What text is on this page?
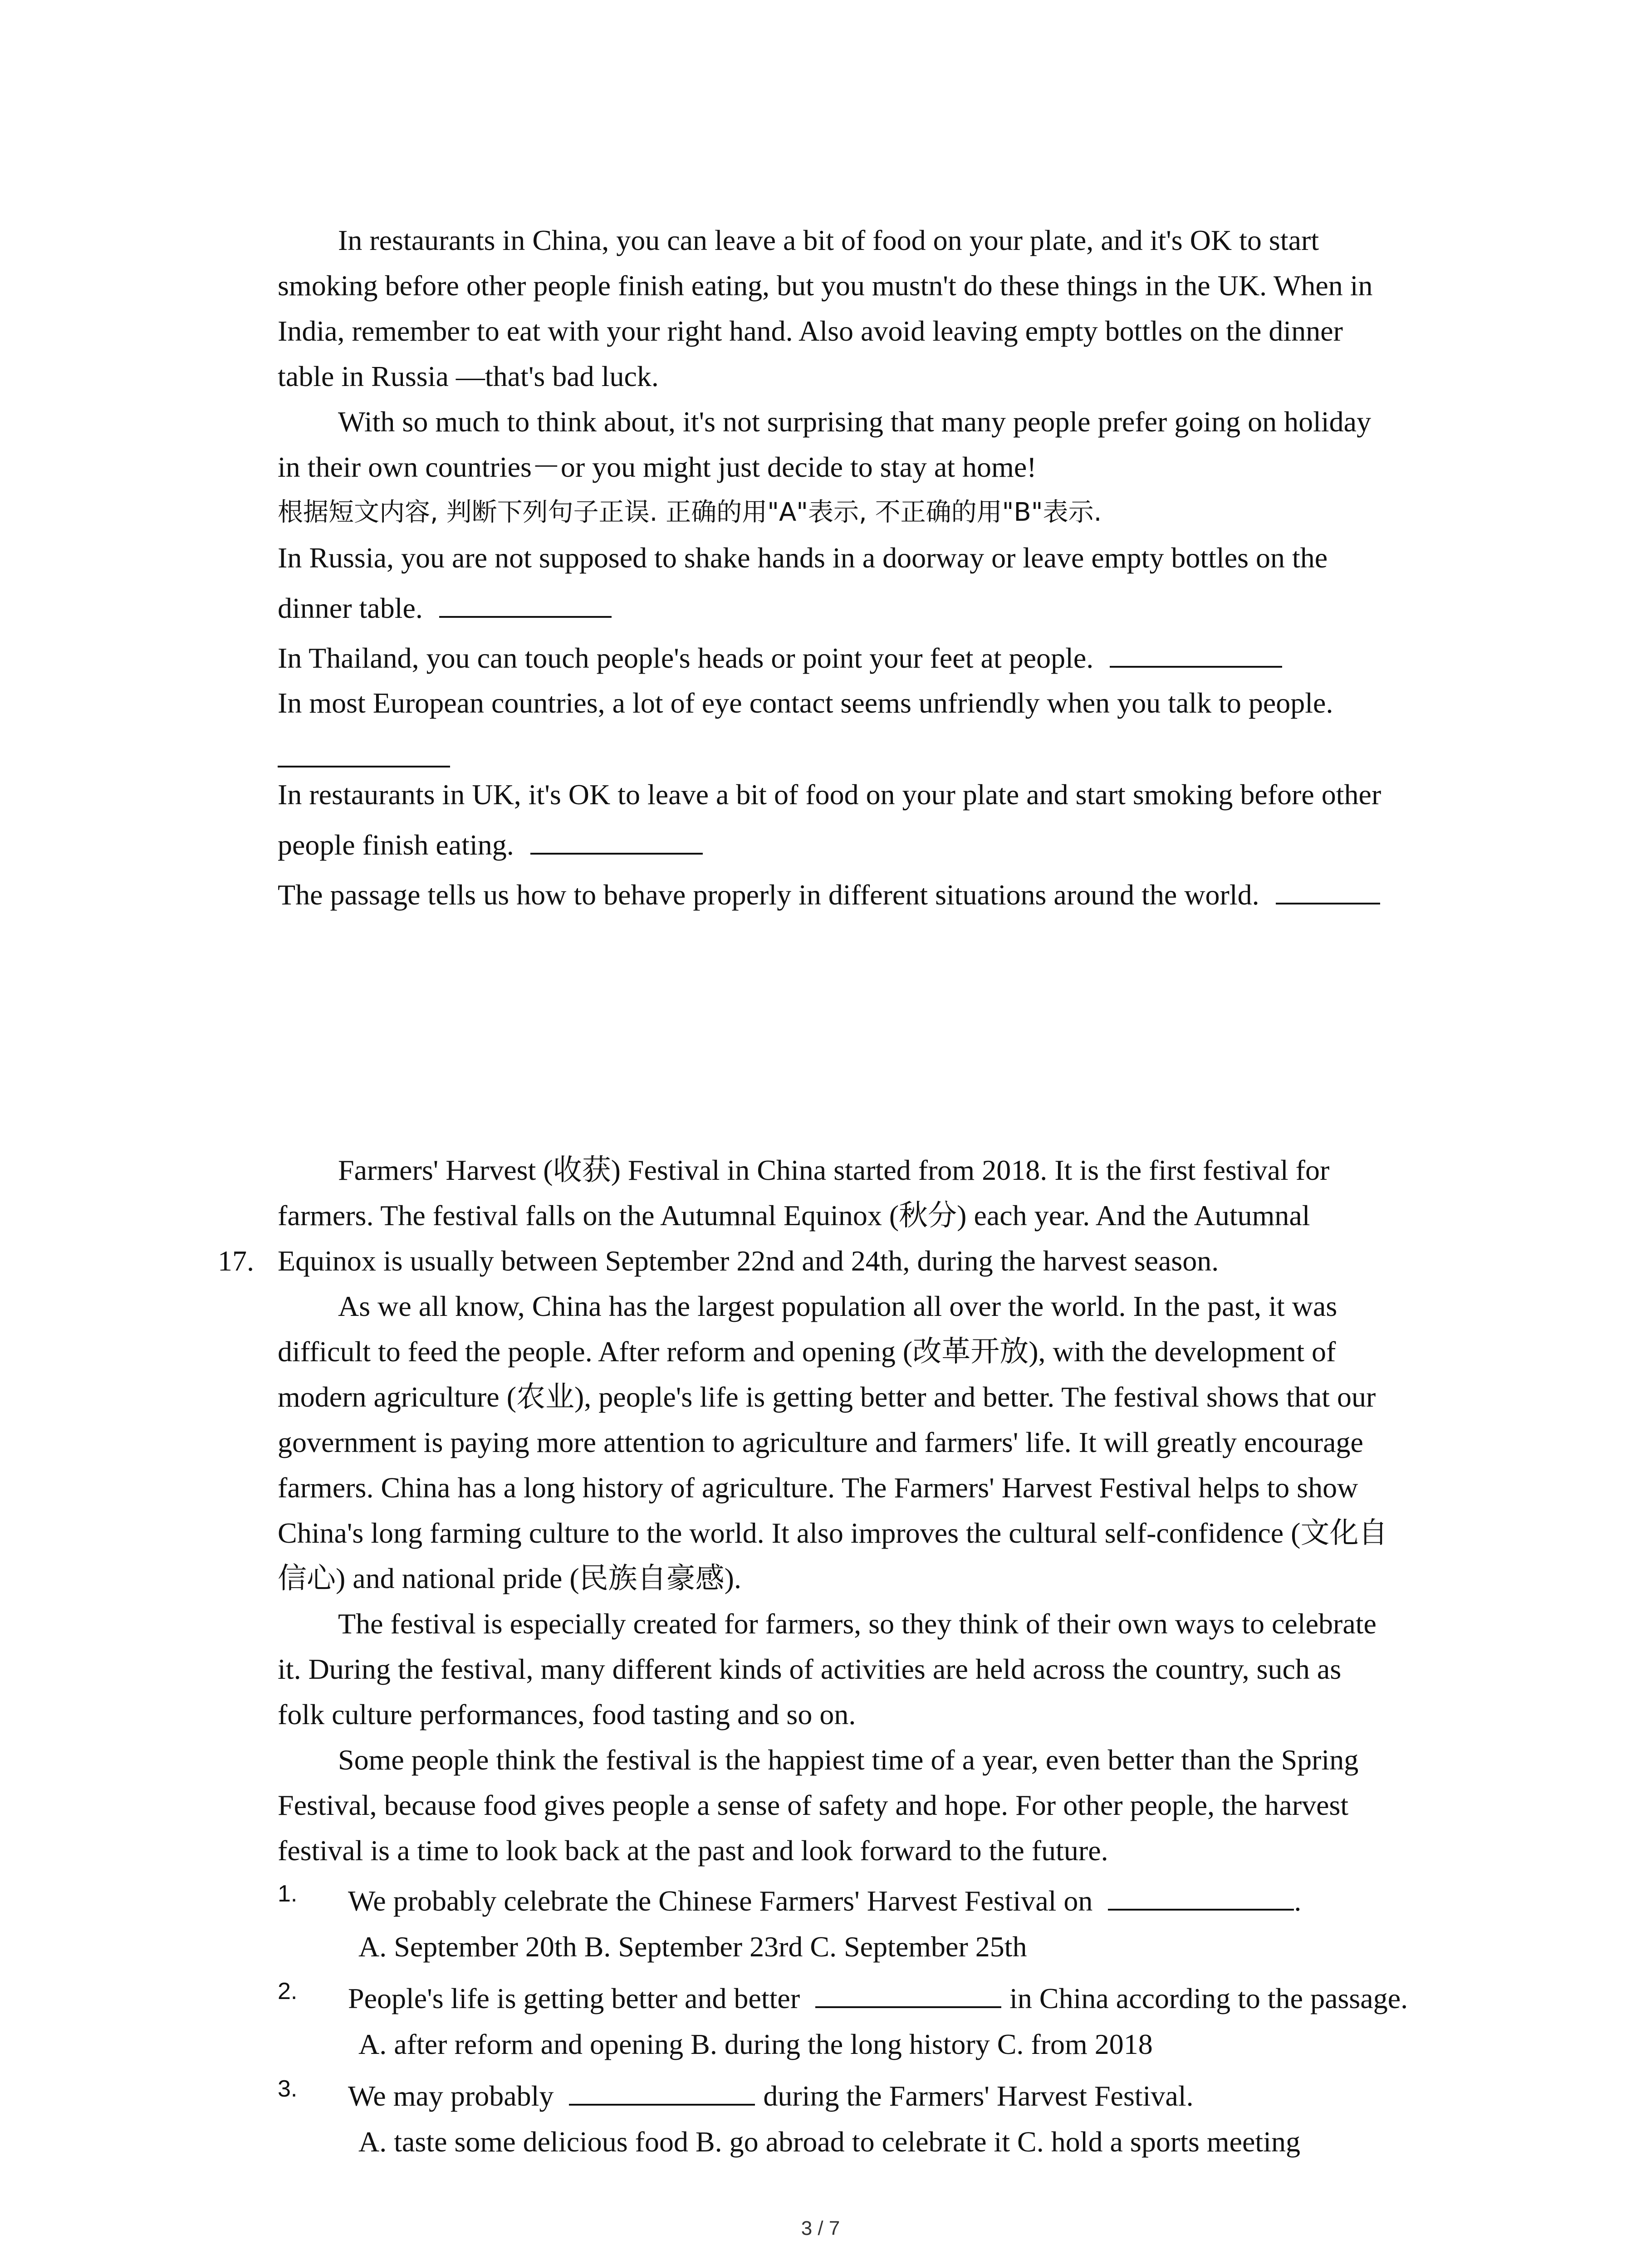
In restaurants in China, you can leave a bit of food on your plate, and it's OK to start
smoking before other people finish eating, but you mustn't do these things in the UK. When in
India, remember to eat with your right hand. Also avoid leaving empty bottles on the dinner
table in Russia —that's bad luck.
With so much to think about, it's not surprising that many people prefer going on holiday
in their own countries－or you might just decide to stay at home!
根据短文内容, 判断下列句子正误. 正确的用"A"表示, 不正确的用"B"表示.
In Russia, you are not supposed to shake hands in a doorway or leave empty bottles on the
dinner table.
In Thailand, you can touch people's heads or point your feet at people.
In most European countries, a lot of eye contact seems unfriendly when you talk to people.
In restaurants in UK, it's OK to leave a bit of food on your plate and start smoking before other
people finish eating.
The passage tells us how to behave properly in different situations around the world.
Farmers' Harvest (收获) Festival in China started from 2018. It is the first festival for
farmers. The festival falls on the Autumnal Equinox (秋分) each year. And the Autumnal
17. Equinox is usually between September 22nd and 24th, during the harvest season.
As we all know, China has the largest population all over the world. In the past, it was
difficult to feed the people. After reform and opening (改革开放), with the development of
modern agriculture (农业), people's life is getting better and better. The festival shows that our
government is paying more attention to agriculture and farmers' life. It will greatly encourage
farmers. China has a long history of agriculture. The Farmers' Harvest Festival helps to show
China's long farming culture to the world. It also improves the cultural self-confidence (文化自
信心) and national pride (民族自豪感).
The festival is especially created for farmers, so they think of their own ways to celebrate
it. During the festival, many different kinds of activities are held across the country, such as
folk culture performances, food tasting and so on.
Some people think the festival is the happiest time of a year, even better than the Spring
Festival, because food gives people a sense of safety and hope. For other people, the harvest
festival is a time to look back at the past and look forward to the future.
1. We probably celebrate the Chinese Farmers' Harvest Festival on	.
A. September 20th B. September 23rd C. September 25th
2. People's life is getting better and better	in China according to the passage.
A. after reform and opening B. during the long history C. from 2018
3. We may probably	during the Farmers' Harvest Festival.
A. taste some delicious food B. go abroad to celebrate it C. hold a sports meeting
3 / 7
